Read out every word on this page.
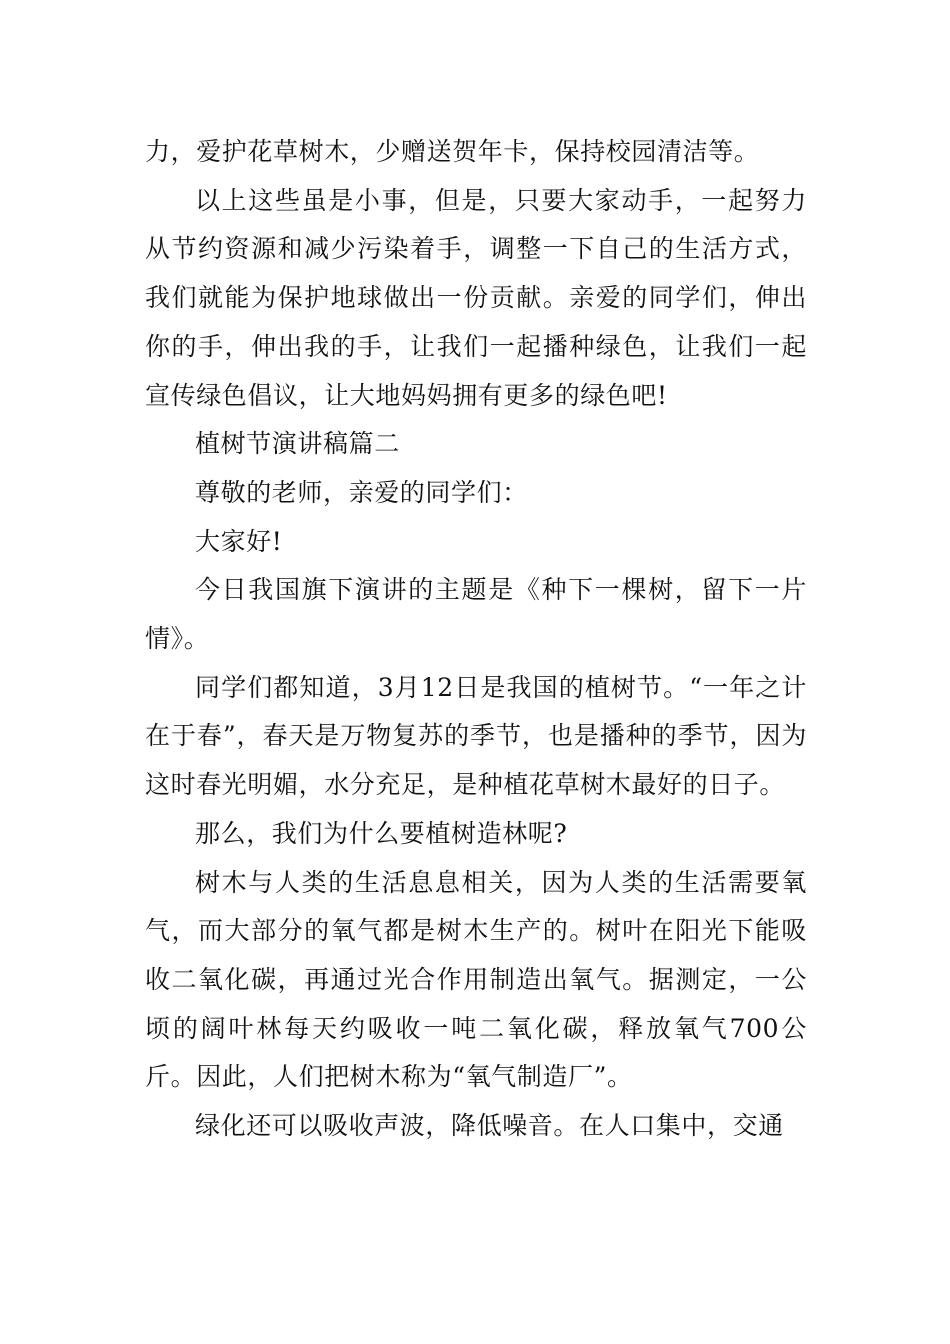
力，爱护花草树木，少赠送贺年卡，保持校园清洁等。

以上这些虽是小事，但是，只要大家动手，一起努力从节约资源和减少污染着手，调整一下自己的生活方式，我们就能为保护地球做出一份贡献。亲爱的同学们，伸出你的手，伸出我的手，让我们一起播种绿色，让我们一起宣传绿色倡议，让大地妈妈拥有更多的绿色吧!

植树节演讲稿篇二

尊敬的老师，亲爱的同学们：

大家好!

今日我国旗下演讲的主题是《种下一棵树，留下一片情》。

同学们都知道，3月12日是我国的植树节。“一年之计在于春”，春天是万物复苏的季节，也是播种的季节，因为这时春光明媚，水分充足，是种植花草树木最好的日子。

那么，我们为什么要植树造林呢?

树木与人类的生活息息相关，因为人类的生活需要氧气，而大部分的氧气都是树木生产的。树叶在阳光下能吸收二氧化碳，再通过光合作用制造出氧气。据测定，一公顷的阔叶林每天约吸收一吨二氧化碳，释放氧气700公斤。因此，人们把树木称为“氧气制造厂”。

绿化还可以吸收声波，降低噪音。在人口集中，交通
